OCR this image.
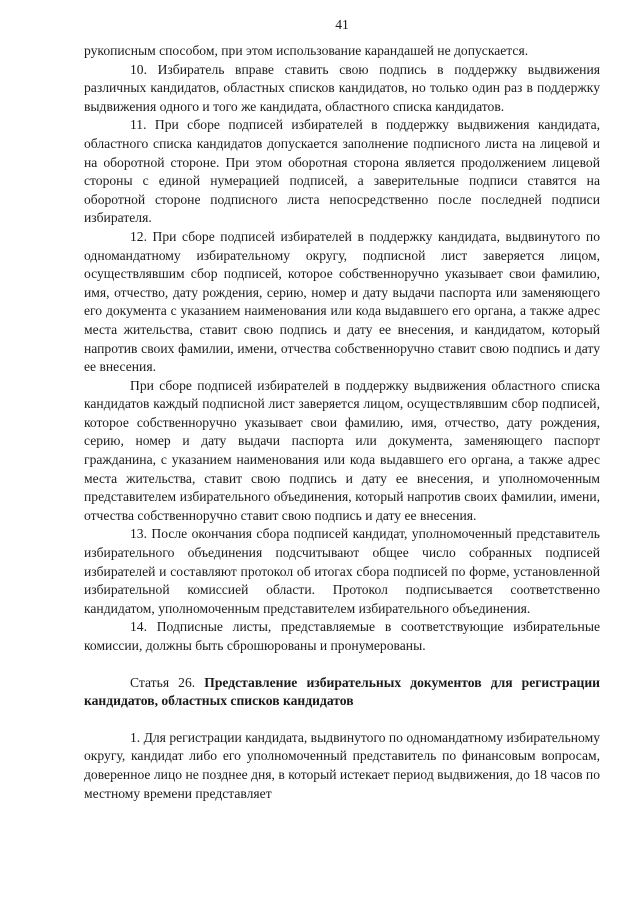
41

рукописным способом, при этом использование карандашей не допускается.

10. Избиратель вправе ставить свою подпись в поддержку выдвижения различных кандидатов, областных списков кандидатов, но только один раз в поддержку выдвижения одного и того же кандидата, областного списка кандидатов.

11. При сборе подписей избирателей в поддержку выдвижения кандидата, областного списка кандидатов допускается заполнение подписного листа на лицевой и на оборотной стороне. При этом оборотная сторона является продолжением лицевой стороны с единой нумерацией подписей, а заверительные подписи ставятся на оборотной стороне подписного листа непосредственно после последней подписи избирателя.

12. При сборе подписей избирателей в поддержку кандидата, выдвинутого по одномандатному избирательному округу, подписной лист заверяется лицом, осуществлявшим сбор подписей, которое собственноручно указывает свои фамилию, имя, отчество, дату рождения, серию, номер и дату выдачи паспорта или заменяющего его документа с указанием наименования или кода выдавшего его органа, а также адрес места жительства, ставит свою подпись и дату ее внесения, и кандидатом, который напротив своих фамилии, имени, отчества собственноручно ставит свою подпись и дату ее внесения.

При сборе подписей избирателей в поддержку выдвижения областного списка кандидатов каждый подписной лист заверяется лицом, осуществлявшим сбор подписей, которое собственноручно указывает свои фамилию, имя, отчество, дату рождения, серию, номер и дату выдачи паспорта или документа, заменяющего паспорт гражданина, с указанием наименования или кода выдавшего его органа, а также адрес места жительства, ставит свою подпись и дату ее внесения, и уполномоченным представителем избирательного объединения, который напротив своих фамилии, имени, отчества собственноручно ставит свою подпись и дату ее внесения.

13. После окончания сбора подписей кандидат, уполномоченный представитель избирательного объединения подсчитывают общее число собранных подписей избирателей и составляют протокол об итогах сбора подписей по форме, установленной избирательной комиссией области. Протокол подписывается соответственно кандидатом, уполномоченным представителем избирательного объединения.

14. Подписные листы, представляемые в соответствующие избирательные комиссии, должны быть сброшюрованы и пронумерованы.

Статья 26. Представление избирательных документов для регистрации кандидатов, областных списков кандидатов

1. Для регистрации кандидата, выдвинутого по одномандатному избирательному округу, кандидат либо его уполномоченный представитель по финансовым вопросам, доверенное лицо не позднее дня, в который истекает период выдвижения, до 18 часов по местному времени представляет
